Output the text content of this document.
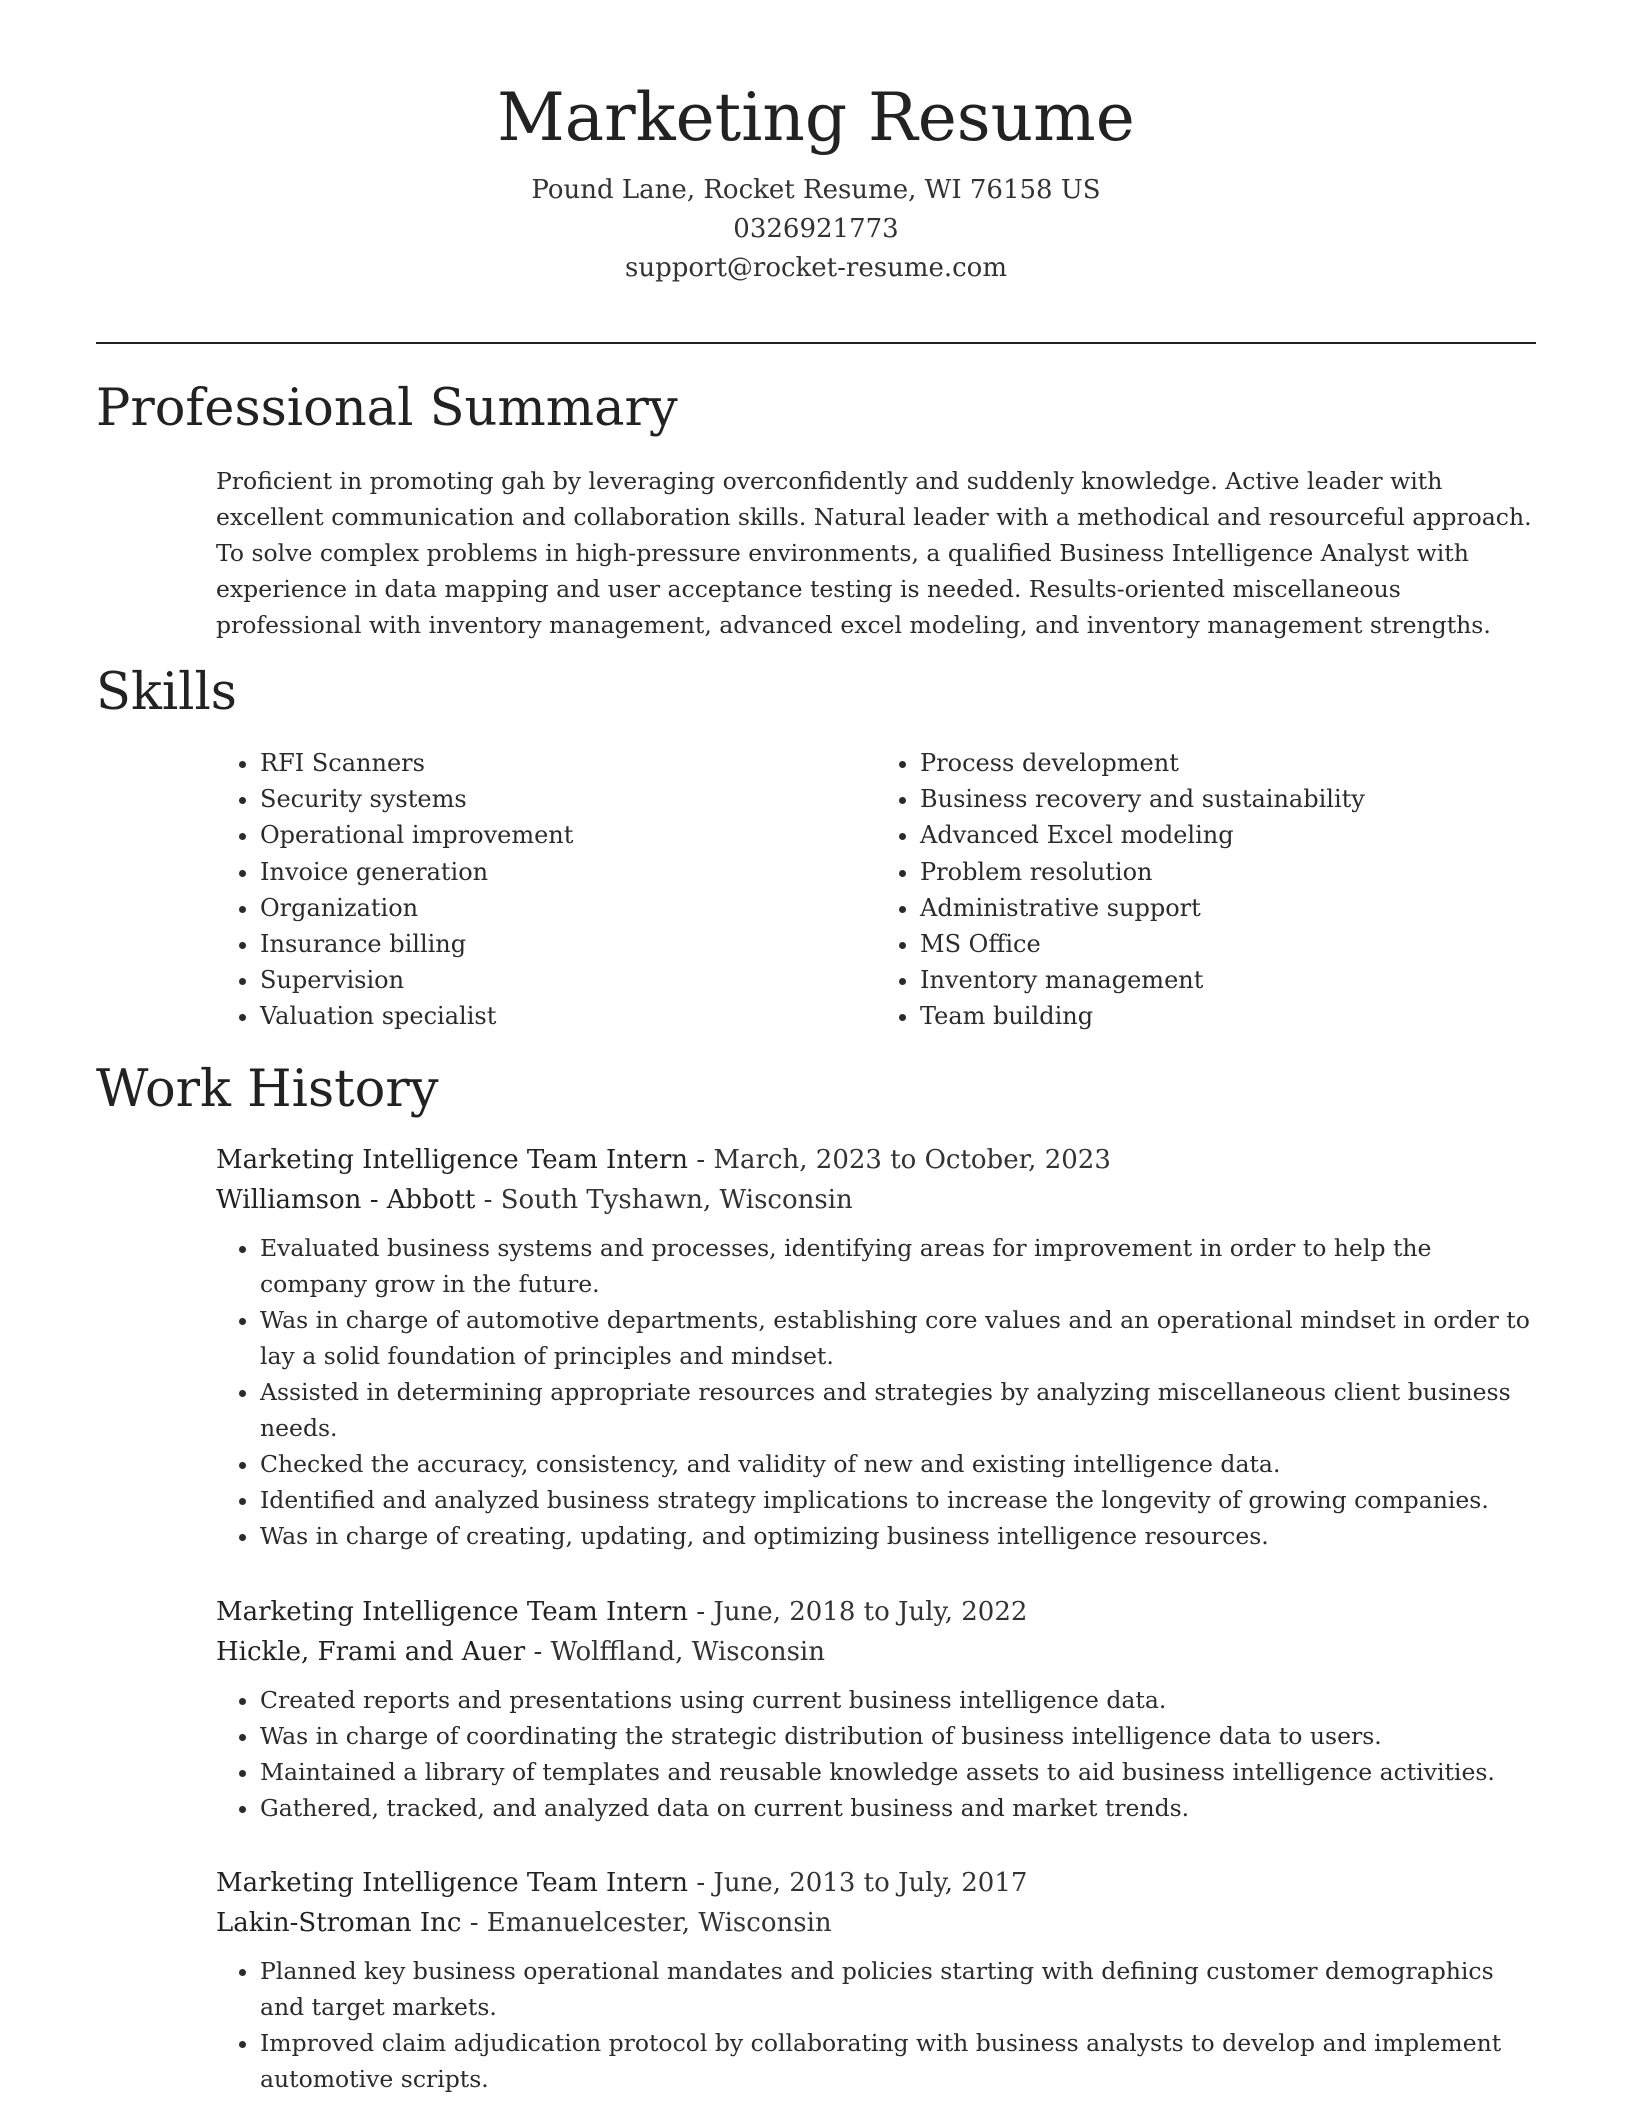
Marketing Resume
Pound Lane, Rocket Resume, WI 76158 US
0326921773
support@rocket-resume.com
Professional Summary

Proficient in promoting gah by leveraging overconfidently and suddenly knowledge. Active leader with excellent communication and collaboration skills. Natural leader with a methodical and resourceful approach. To solve complex problems in high-pressure environments, a qualified Business Intelligence Analyst with experience in data mapping and user acceptance testing is needed. Results-oriented miscellaneous professional with inventory management, advanced excel modeling, and inventory management strengths.

Skills
• RFI Scanners
• Security systems
• Operational improvement
• Invoice generation
• Organization
• Insurance billing
• Supervision
• Valuation specialist
• Process development
• Business recovery and sustainability
• Advanced Excel modeling
• Problem resolution
• Administrative support
• MS Office
• Inventory management
• Team building
Work History
Marketing Intelligence Team Intern - March, 2023 to October, 2023
Williamson - Abbott - South Tyshawn, Wisconsin
• Evaluated business systems and processes, identifying areas for improvement in order to help the company grow in the future.
• Was in charge of automotive departments, establishing core values and an operational mindset in order to lay a solid foundation of principles and mindset.
• Assisted in determining appropriate resources and strategies by analyzing miscellaneous client business needs.
• Checked the accuracy, consistency, and validity of new and existing intelligence data.
• Identified and analyzed business strategy implications to increase the longevity of growing companies.
• Was in charge of creating, updating, and optimizing business intelligence resources.
Marketing Intelligence Team Intern - June, 2018 to July, 2022
Hickle, Frami and Auer - Wolffland, Wisconsin
• Created reports and presentations using current business intelligence data.
• Was in charge of coordinating the strategic distribution of business intelligence data to users.
• Maintained a library of templates and reusable knowledge assets to aid business intelligence activities.
• Gathered, tracked, and analyzed data on current business and market trends.
Marketing Intelligence Team Intern - June, 2013 to July, 2017
Lakin-Stroman Inc - Emanuelcester, Wisconsin
• Planned key business operational mandates and policies starting with defining customer demographics and target markets.
• Improved claim adjudication protocol by collaborating with business analysts to develop and implement automotive scripts.
